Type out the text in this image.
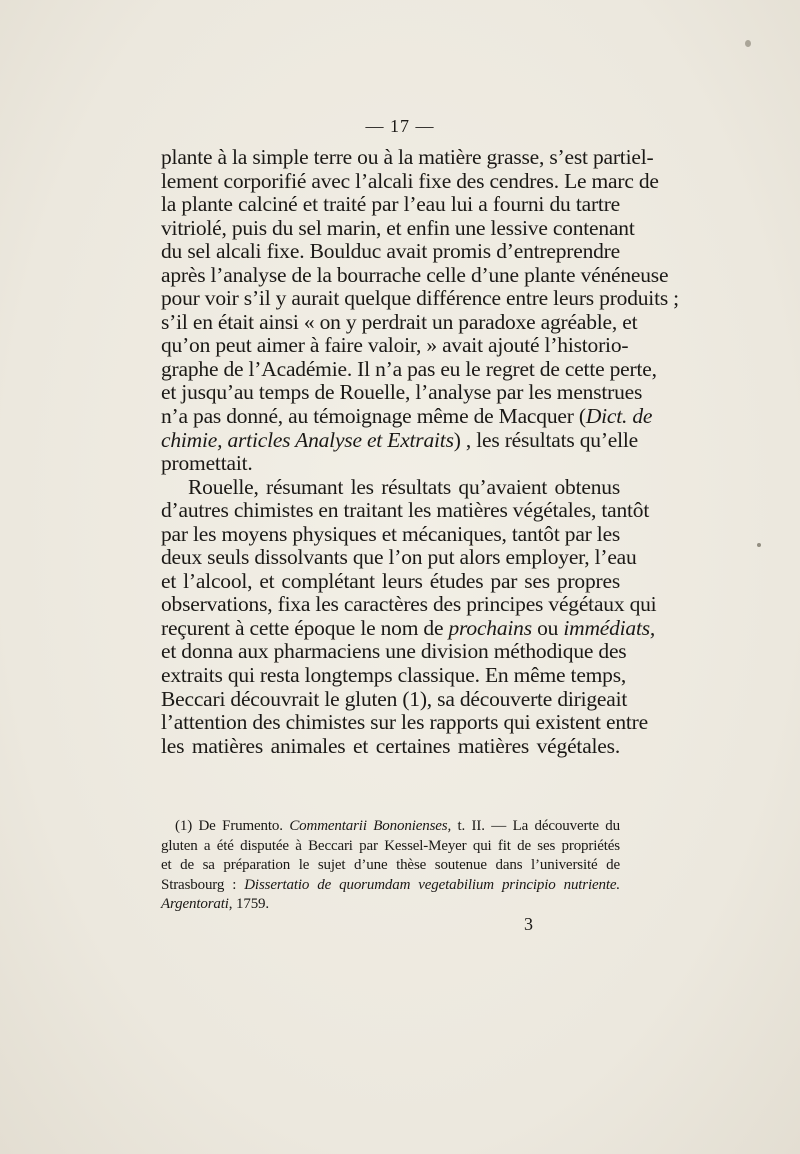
— 17 —
plante à la simple terre ou à la matière grasse, s’est partiel-
lement corporifié avec l’alcali fixe des cendres. Le marc de
la plante calciné et traité par l’eau lui a fourni du tartre
vitriolé, puis du sel marin, et enfin une lessive contenant
du sel alcali fixe. Boulduc avait promis d’entreprendre
après l’analyse de la bourrache celle d’une plante vénéneuse
pour voir s’il y aurait quelque différence entre leurs produits ;
s’il en était ainsi « on y perdrait un paradoxe agréable, et
qu’on peut aimer à faire valoir, » avait ajouté l’historio-
graphe de l’Académie. Il n’a pas eu le regret de cette perte,
et jusqu’au temps de Rouelle, l’analyse par les menstrues
n’a pas donné, au témoignage même de Macquer (Dict. de
chimie, articles Analyse et Extraits) , les résultats qu’elle
promettait.
Rouelle, résumant les résultats qu’avaient obtenus
d’autres chimistes en traitant les matières végétales, tantôt
par les moyens physiques et mécaniques, tantôt par les
deux seuls dissolvants que l’on put alors employer, l’eau
et l’alcool, et complétant leurs études par ses propres
observations, fixa les caractères des principes végétaux qui
reçurent à cette époque le nom de prochains ou immédiats,
et donna aux pharmaciens une division méthodique des
extraits qui resta longtemps classique. En même temps,
Beccari découvrait le gluten (1), sa découverte dirigeait
l’attention des chimistes sur les rapports qui existent entre
les matières animales et certaines matières végétales.
(1) De Frumento. Commentarii Bononienses, t. II. — La découverte du
gluten a été disputée à Beccari par Kessel-Meyer qui fit de ses propriétés
et de sa préparation le sujet d’une thèse soutenue dans l’université de
Strasbourg : Dissertatio de quorumdam vegetabilium principio nutriente.
Argentorati, 1759.
3
